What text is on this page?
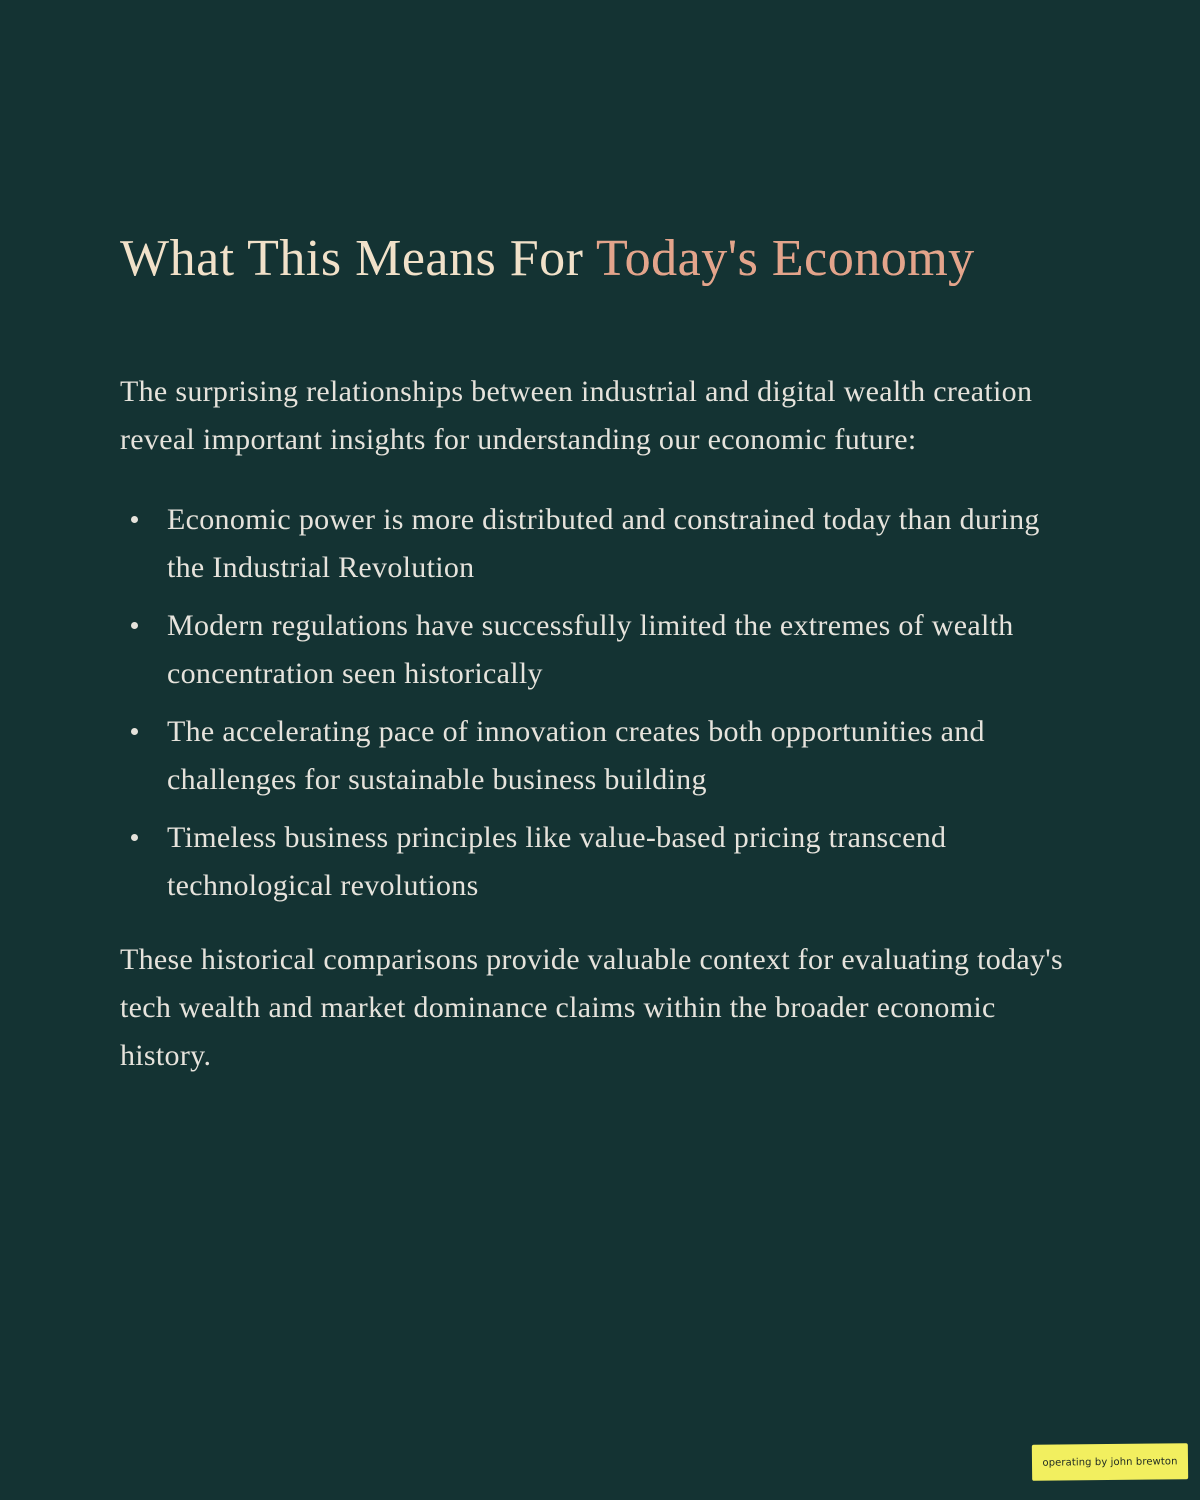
What This Means For Today's Economy

The surprising relationships between industrial and digital wealth creation reveal important insights for understanding our economic future:

Economic power is more distributed and constrained today than during the Industrial Revolution
Modern regulations have successfully limited the extremes of wealth concentration seen historically
The accelerating pace of innovation creates both opportunities and challenges for sustainable business building
Timeless business principles like value-based pricing transcend technological revolutions

These historical comparisons provide valuable context for evaluating today's tech wealth and market dominance claims within the broader economic history.

operating by john brewton
